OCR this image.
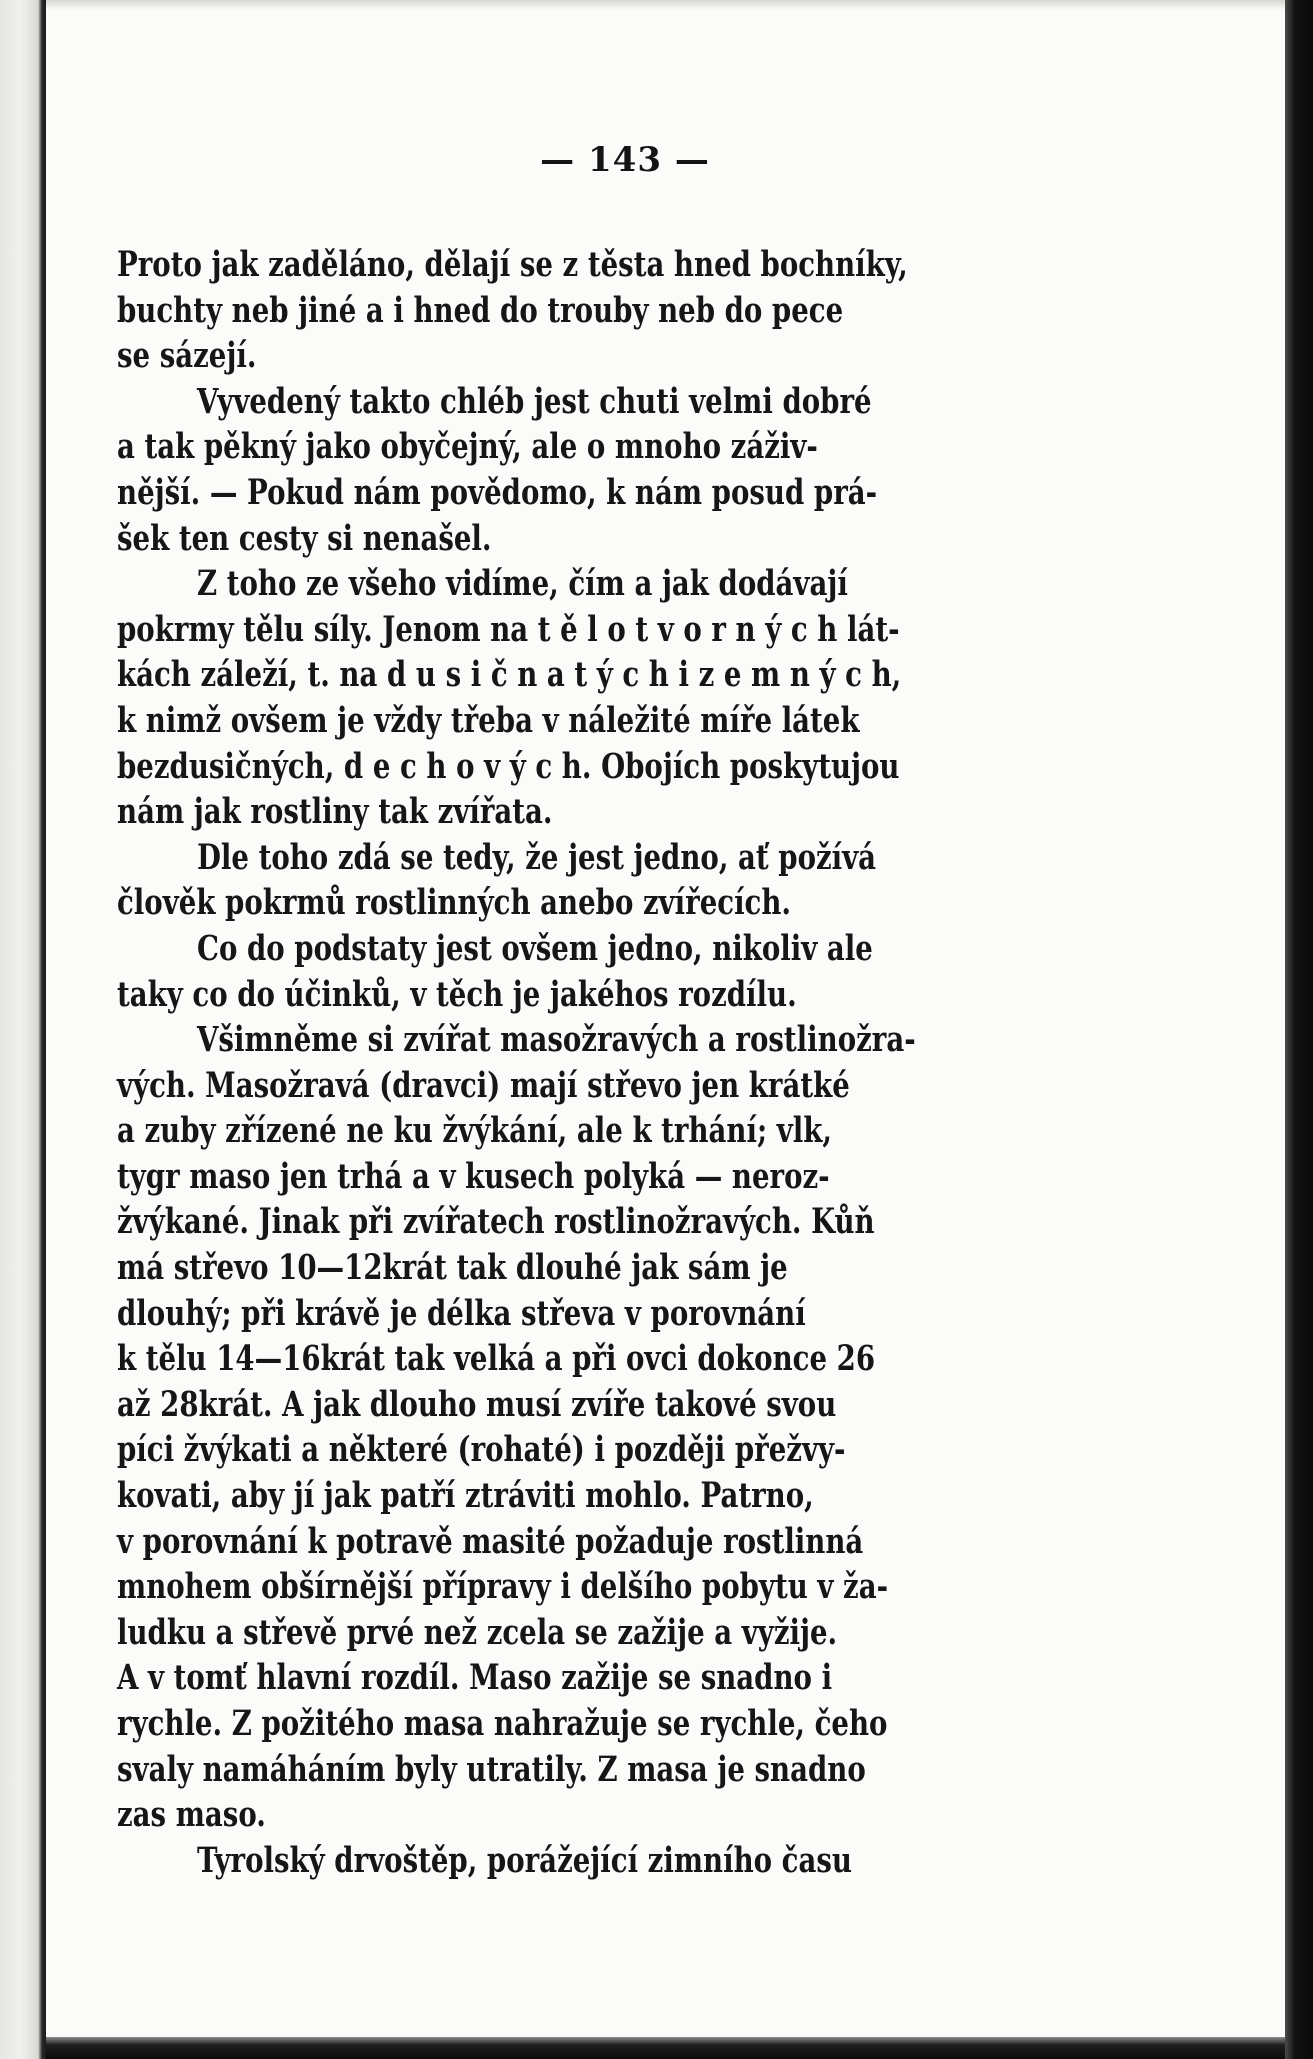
— 143 —
Proto jak zaděláno, dělají se z těsta hned bochníky,
buchty neb jiné a i hned do trouby neb do pece
se sázejí.
Vyvedený takto chléb jest chuti velmi dobré
a tak pěkný jako obyčejný, ale o mnoho záživ-
nější. — Pokud nám povědomo, k nám posud prá-
šek ten cesty si nenašel.
Z toho ze všeho vidíme, čím a jak dodávají
pokrmy tělu síly. Jenom na t ě l o t v o r n ý c h lát-
kách záleží, t. na d u s i č n a t ý c h i z e m n ý c h,
k nimž ovšem je vždy třeba v náležité míře látek
bezdusičných, d e c h o v ý c h. Obojích poskytujou
nám jak rostliny tak zvířata.
Dle toho zdá se tedy, že jest jedno, ať požívá
člověk pokrmů rostlinných anebo zvířecích.
Co do podstaty jest ovšem jedno, nikoliv ale
taky co do účinků, v těch je jakéhos rozdílu.
Všimněme si zvířat masožravých a rostlinožra-
vých. Masožravá (dravci) mají střevo jen krátké
a zuby zřízené ne ku žvýkání, ale k trhání; vlk,
tygr maso jen trhá a v kusech polyká — neroz-
žvýkané. Jinak při zvířatech rostlinožravých. Kůň
má střevo 10—12krát tak dlouhé jak sám je
dlouhý; při krávě je délka střeva v porovnání
k tělu 14—16krát tak velká a při ovci dokonce 26
až 28krát. A jak dlouho musí zvíře takové svou
píci žvýkati a některé (rohaté) i později přežvy-
kovati, aby jí jak patří ztráviti mohlo. Patrno,
v porovnání k potravě masité požaduje rostlinná
mnohem obšírnější přípravy i delšího pobytu v ža-
ludku a střevě prvé než zcela se zažije a vyžije.
A v tomť hlavní rozdíl. Maso zažije se snadno i
rychle. Z požitého masa nahražuje se rychle, čeho
svaly namáháním byly utratily. Z masa je snadno
zas maso.
Tyrolský drvoštěp, porážející zimního času
